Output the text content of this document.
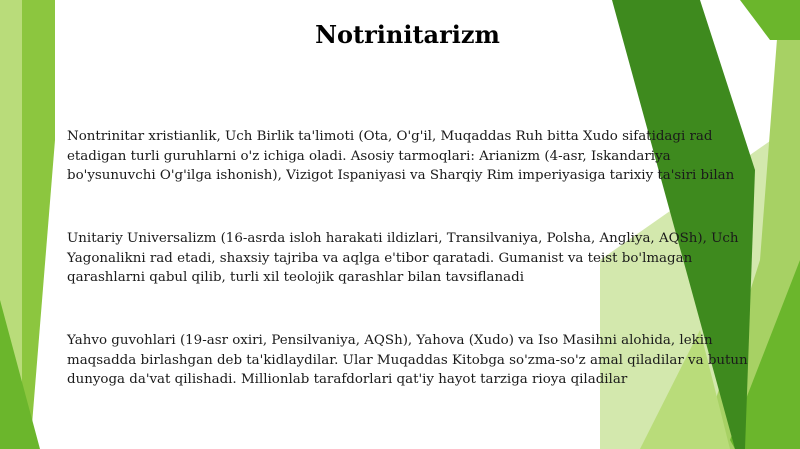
Notrinitarizm

Nontrinitar xristianlik, Uch Birlik ta'limoti (Ota, O'g'il, Muqaddas Ruh bitta Xudo sifatidagi rad etadigan turli guruhlarni o'z ichiga oladi. Asosiy tarmoqlari: Arianizm (4-asr, Iskandariya bo'ysunuvchi O'g'ilga ishonish), Vizigot Ispaniyasi va Sharqiy Rim imperiyasiga tarixiy ta'siri bilan

Unitariy Universalizm (16-asrda isloh harakati ildizlari, Transilvaniya, Polsha, Angliya, AQSh), Uch Yagonalikni rad etadi, shaxsiy tajriba va aqlga e'tibor qaratadi. Gumanist va teist bo'lmagan qarashlarni qabul qilib, turli xil teolojik qarashlar bilan tavsiflanadi

Yahvo guvohlari (19-asr oxiri, Pensilvaniya, AQSh), Yahova (Xudo) va Iso Masihni alohida, lekin maqsadda birlashgan deb ta'kidlaydilar. Ular Muqaddas Kitobga so'zma-so'z amal qiladilar va butun dunyoga da'vat qilishadi. Millionlab tarafdorlari qat'iy hayot tarziga rioya qiladilar
